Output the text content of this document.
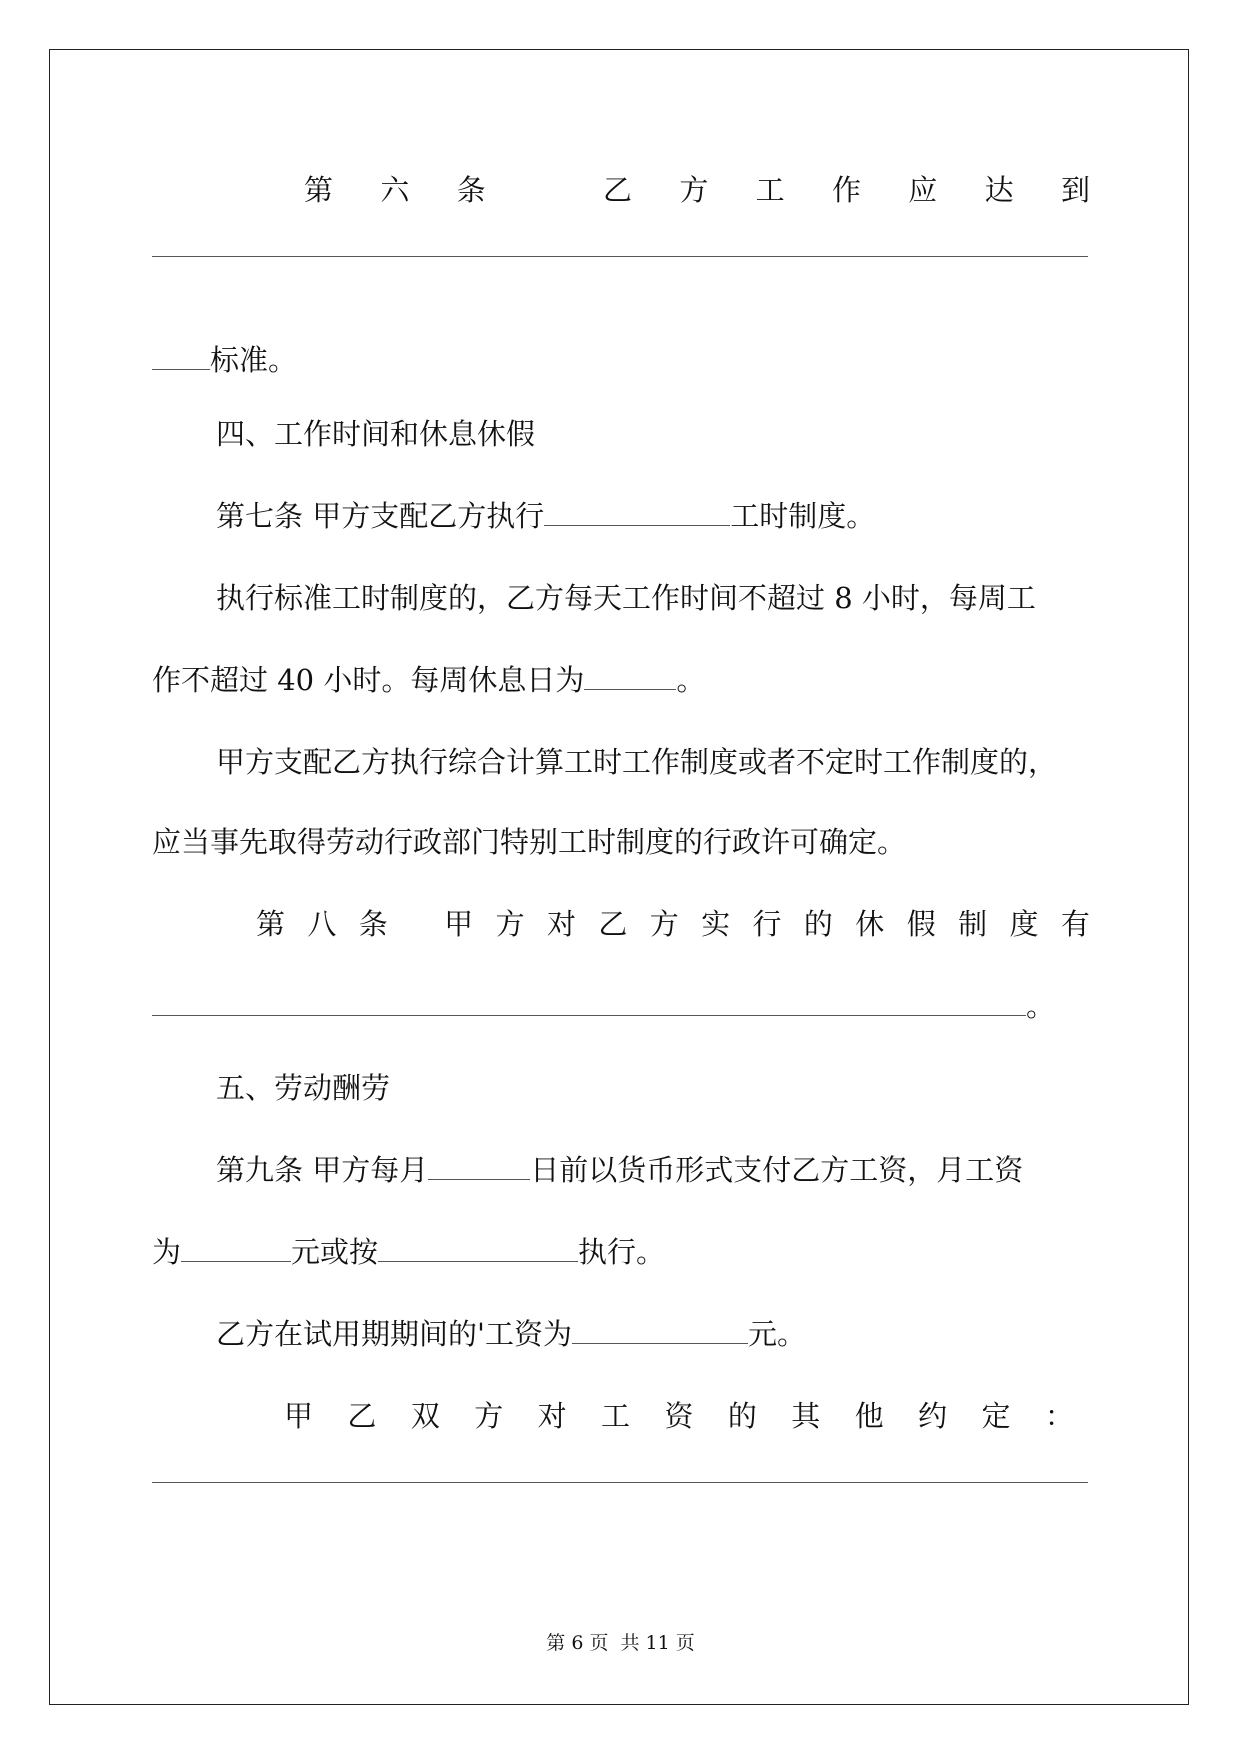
第 六 条	乙 方 工 作 应 达 到
标准。
四、工作时间和休息休假
第七条 甲方支配乙方执行	工时制度。
执行标准工时制度的，乙方每天工作时间不超过 8 小时，每周工
作不超过 40 小时。每周休息日为	。
甲方支配乙方执行综合计算工时工作制度或者不定时工作制度的，
应当事先取得劳动行政部门特别工时制度的行政许可确定。
第 八 条 甲 方 对 乙 方 实 行 的 休 假 制 度 有
。
五、劳动酬劳
第九条 甲方每月	日前以货币形式支付乙方工资，月工资
为	元或按	执行。
乙方在试用期期间的'工资为	元。
甲 乙 双 方 对 工 资 的 其 他 约 定 ：
第 6 页 共 11 页
